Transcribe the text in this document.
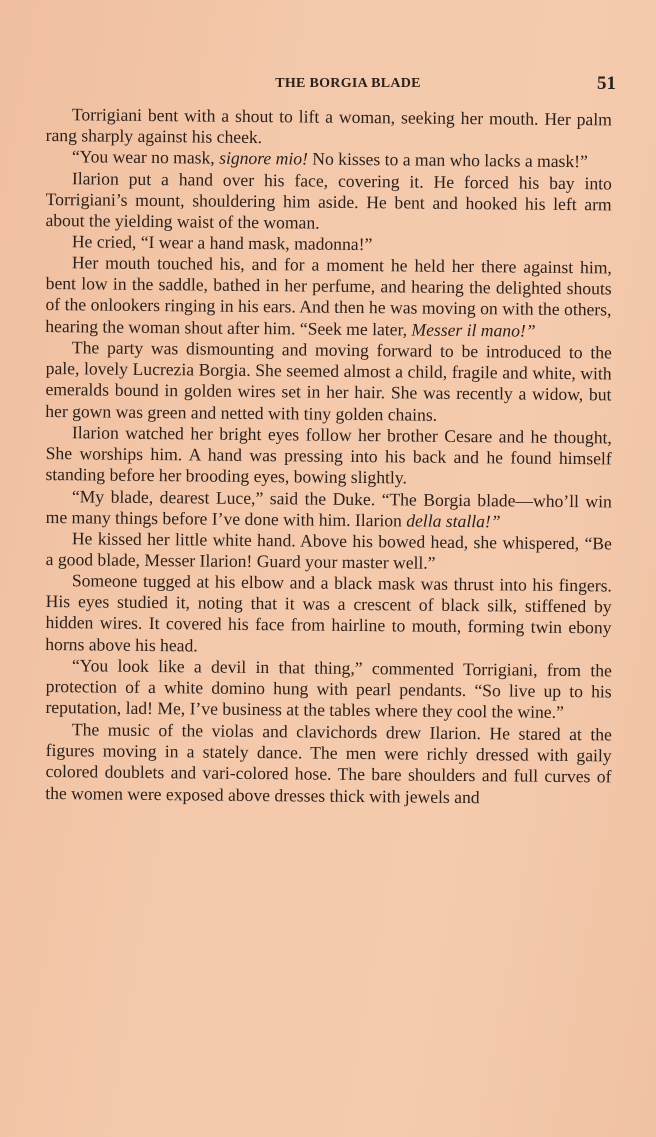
THE BORGIA BLADE	51

Torrigiani bent with a shout to lift a woman, seeking her mouth. Her palm rang sharply against his cheek.

“You wear no mask, signore mio! No kisses to a man who lacks a mask!”

Ilarion put a hand over his face, covering it. He forced his bay into Torrigiani’s mount, shouldering him aside. He bent and hooked his left arm about the yielding waist of the woman.

He cried, “I wear a hand mask, madonna!”

Her mouth touched his, and for a moment he held her there against him, bent low in the saddle, bathed in her perfume, and hearing the delighted shouts of the onlookers ringing in his ears. And then he was moving on with the others, hearing the woman shout after him. “Seek me later, Messer il mano!”

The party was dismounting and moving forward to be introduced to the pale, lovely Lucrezia Borgia. She seemed almost a child, fragile and white, with emeralds bound in golden wires set in her hair. She was recently a widow, but her gown was green and netted with tiny golden chains.

Ilarion watched her bright eyes follow her brother Cesare and he thought, She worships him. A hand was pressing into his back and he found himself standing before her brooding eyes, bowing slightly.

“My blade, dearest Luce,” said the Duke. “The Borgia blade—who’ll win me many things before I’ve done with him. Ilarion della stalla!”

He kissed her little white hand. Above his bowed head, she whispered, “Be a good blade, Messer Ilarion! Guard your master well.”

Someone tugged at his elbow and a black mask was thrust into his fingers. His eyes studied it, noting that it was a crescent of black silk, stiffened by hidden wires. It covered his face from hairline to mouth, forming twin ebony horns above his head.

“You look like a devil in that thing,” commented Torrigiani, from the protection of a white domino hung with pearl pendants. “So live up to his reputation, lad! Me, I’ve business at the tables where they cool the wine.”

The music of the violas and clavichords drew Ilarion. He stared at the figures moving in a stately dance. The men were richly dressed with gaily colored doublets and vari-colored hose. The bare shoulders and full curves of the women were exposed above dresses thick with jewels and
